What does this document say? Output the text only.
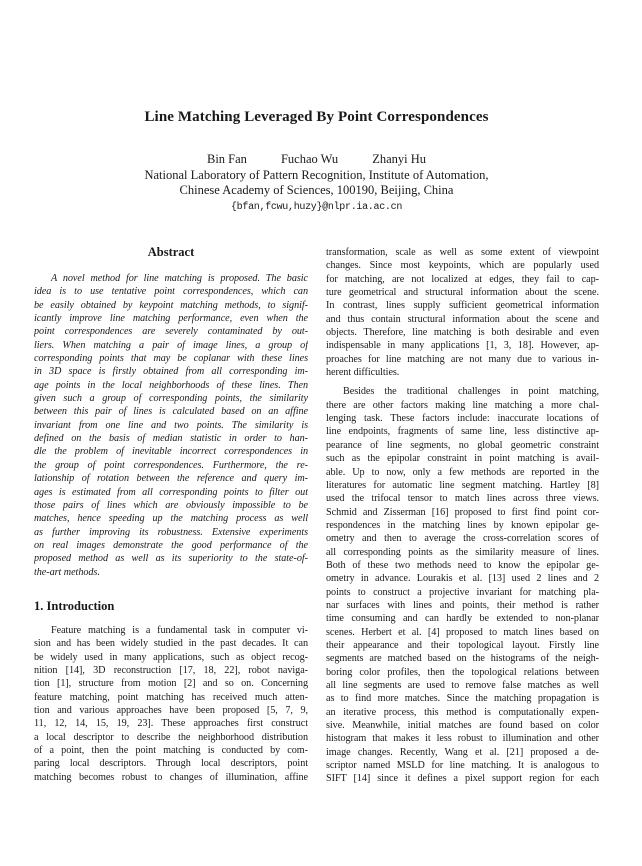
Line Matching Leveraged By Point Correspondences
Bin Fan	Fuchao Wu	Zhanyi Hu
National Laboratory of Pattern Recognition, Institute of Automation,
Chinese Academy of Sciences, 100190, Beijing, China
{bfan,fcwu,huzy}@nlpr.ia.ac.cn
Abstract
A novel method for line matching is proposed. The basic
idea is to use tentative point correspondences, which can
be easily obtained by keypoint matching methods, to signif-
icantly improve line matching performance, even when the
point correspondences are severely contaminated by out-
liers. When matching a pair of image lines, a group of
corresponding points that may be coplanar with these lines
in 3D space is firstly obtained from all corresponding im-
age points in the local neighborhoods of these lines. Then
given such a group of corresponding points, the similarity
between this pair of lines is calculated based on an affine
invariant from one line and two points. The similarity is
defined on the basis of median statistic in order to han-
dle the problem of inevitable incorrect correspondences in
the group of point correspondences. Furthermore, the re-
lationship of rotation between the reference and query im-
ages is estimated from all corresponding points to filter out
those pairs of lines which are obviously impossible to be
matches, hence speeding up the matching process as well
as further improving its robustness. Extensive experiments
on real images demonstrate the good performance of the
proposed method as well as its superiority to the state-of-
the-art methods.
1. Introduction
Feature matching is a fundamental task in computer vi-
sion and has been widely studied in the past decades. It can
be widely used in many applications, such as object recog-
nition [14], 3D reconstruction [17, 18, 22], robot naviga-
tion [1], structure from motion [2] and so on. Concerning
feature matching, point matching has received much atten-
tion and various approaches have been proposed [5, 7, 9,
11, 12, 14, 15, 19, 23]. These approaches first construct
a local descriptor to describe the neighborhood distribution
of a point, then the point matching is conducted by com-
paring local descriptors. Through local descriptors, point
matching becomes robust to changes of illumination, affine
transformation, scale as well as some extent of viewpoint
changes. Since most keypoints, which are popularly used
for matching, are not localized at edges, they fail to cap-
ture geometrical and structural information about the scene.
In contrast, lines supply sufficient geometrical information
and thus contain structural information about the scene and
objects. Therefore, line matching is both desirable and even
indispensable in many applications [1, 3, 18]. However, ap-
proaches for line matching are not many due to various in-
herent difficulties.
Besides the traditional challenges in point matching,
there are other factors making line matching a more chal-
lenging task. These factors include: inaccurate locations of
line endpoints, fragments of same line, less distinctive ap-
pearance of line segments, no global geometric constraint
such as the epipolar constraint in point matching is avail-
able. Up to now, only a few methods are reported in the
literatures for automatic line segment matching. Hartley [8]
used the trifocal tensor to match lines across three views.
Schmid and Zisserman [16] proposed to first find point cor-
respondences in the matching lines by known epipolar ge-
ometry and then to average the cross-correlation scores of
all corresponding points as the similarity measure of lines.
Both of these two methods need to know the epipolar ge-
ometry in advance. Lourakis et al. [13] used 2 lines and 2
points to construct a projective invariant for matching pla-
nar surfaces with lines and points, their method is rather
time consuming and can hardly be extended to non-planar
scenes. Herbert et al. [4] proposed to match lines based on
their appearance and their topological layout. Firstly line
segments are matched based on the histograms of the neigh-
boring color profiles, then the topological relations between
all line segments are used to remove false matches as well
as to find more matches. Since the matching propagation is
an iterative process, this method is computationally expen-
sive. Meanwhile, initial matches are found based on color
histogram that makes it less robust to illumination and other
image changes. Recently, Wang et al. [21] proposed a de-
scriptor named MSLD for line matching. It is analogous to
SIFT [14] since it defines a pixel support region for each
